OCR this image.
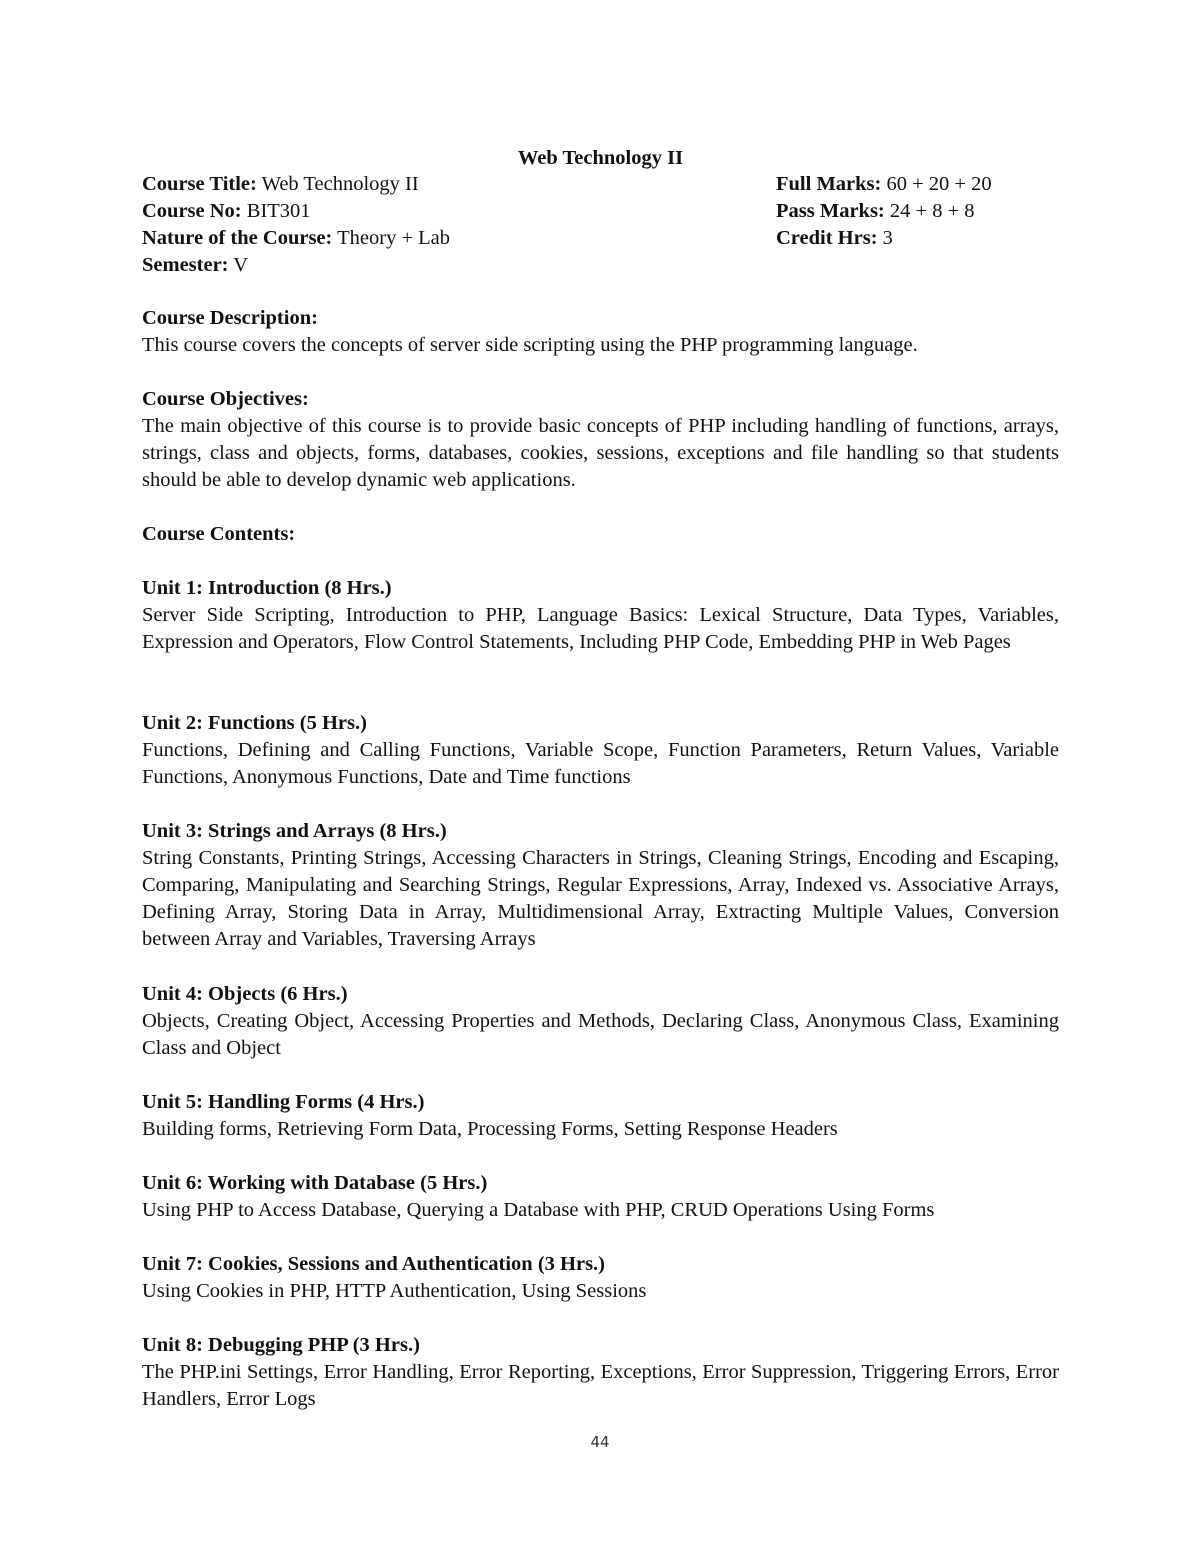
Web Technology II
Course Title: Web Technology II	Full Marks: 60 + 20 + 20
Course No: BIT301	Pass Marks: 24 + 8 + 8
Nature of the Course: Theory + Lab	Credit Hrs: 3
Semester: V
Course Description:
This course covers the concepts of server side scripting using the PHP programming language.
Course Objectives:
The main objective of this course is to provide basic concepts of PHP including handling of functions, arrays, strings, class and objects, forms, databases, cookies, sessions, exceptions and file handling so that students should be able to develop dynamic web applications.
Course Contents:
Unit 1: Introduction (8 Hrs.)
Server Side Scripting, Introduction to PHP, Language Basics: Lexical Structure, Data Types, Variables, Expression and Operators, Flow Control Statements, Including PHP Code, Embedding PHP in Web Pages
Unit 2: Functions (5 Hrs.)
Functions, Defining and Calling Functions, Variable Scope, Function Parameters, Return Values, Variable Functions, Anonymous Functions, Date and Time functions
Unit 3: Strings and Arrays (8 Hrs.)
String Constants, Printing Strings, Accessing Characters in Strings, Cleaning Strings, Encoding and Escaping, Comparing, Manipulating and Searching Strings, Regular Expressions, Array, Indexed vs. Associative Arrays, Defining Array, Storing Data in Array, Multidimensional Array, Extracting Multiple Values, Conversion between Array and Variables, Traversing Arrays
Unit 4: Objects (6 Hrs.)
Objects, Creating Object, Accessing Properties and Methods, Declaring Class, Anonymous Class, Examining Class and Object
Unit 5: Handling Forms (4 Hrs.)
Building forms, Retrieving Form Data, Processing Forms, Setting Response Headers
Unit 6: Working with Database (5 Hrs.)
Using PHP to Access Database, Querying a Database with PHP, CRUD Operations Using Forms
Unit 7: Cookies, Sessions and Authentication (3 Hrs.)
Using Cookies in PHP, HTTP Authentication, Using Sessions
Unit 8: Debugging PHP (3 Hrs.)
The PHP.ini Settings, Error Handling, Error Reporting, Exceptions, Error Suppression, Triggering Errors, Error Handlers, Error Logs
44
